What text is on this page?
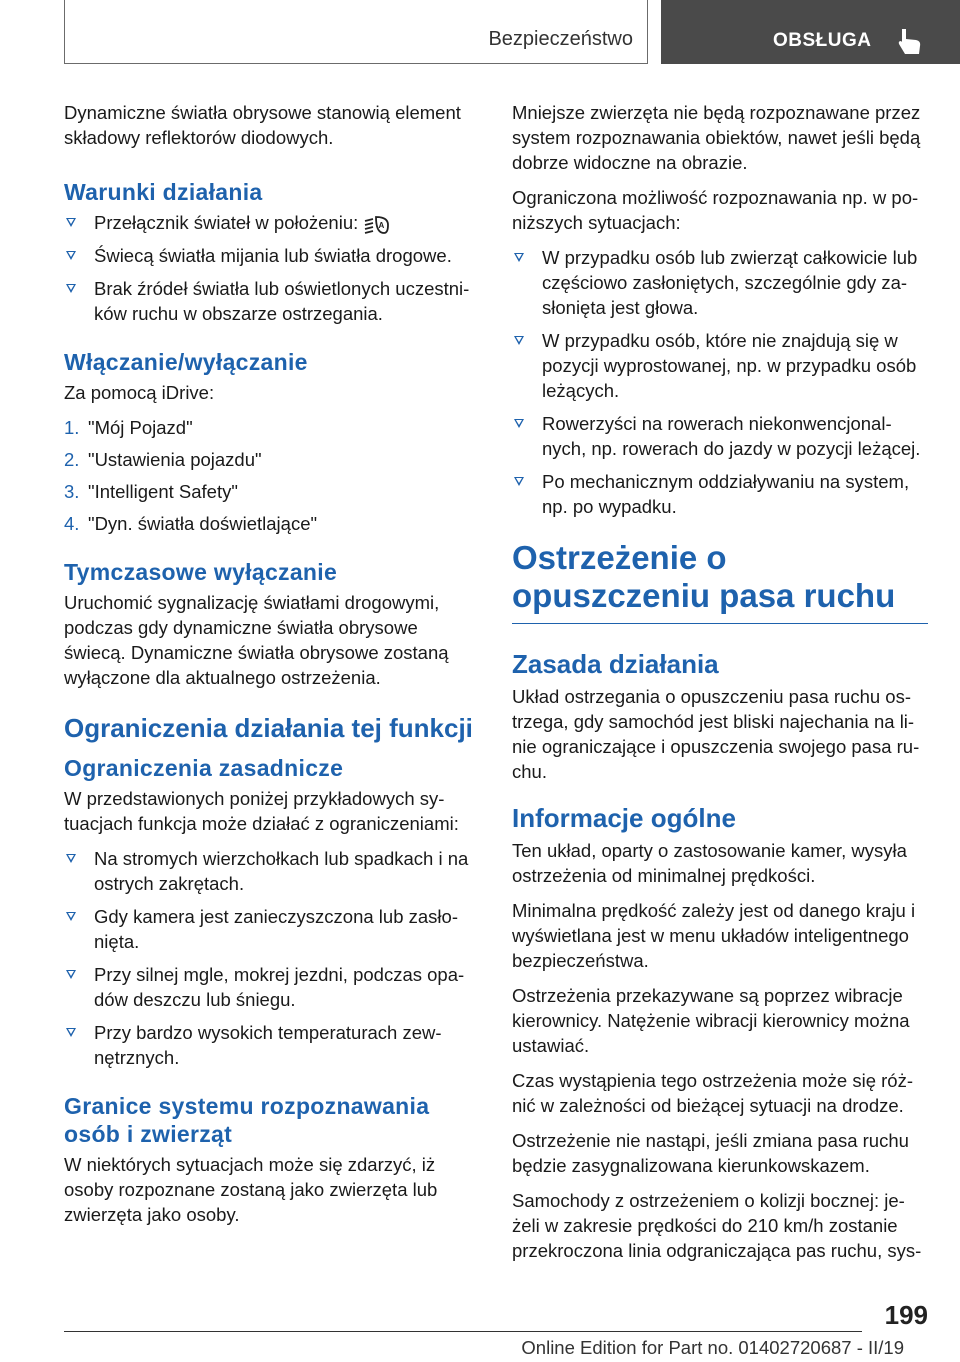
Bezpieczeństwo	OBSŁUGA

Dynamiczne światła obrysowe stanowią element składowy reflektorów diodowych.

Warunki działania
Przełącznik świateł w położeniu:	A
Świecą światła mijania lub światła drogowe.
Brak źródeł światła lub oświetlonych uczestni-ków ruchu w obszarze ostrzegania.
Włączanie/wyłączanie

Za pomocą iDrive:

1. "Mój Pojazd"
2. "Ustawienia pojazdu"
3. "Intelligent Safety"
4. "Dyn. światła doświetlające"
Tymczasowe wyłączanie

Uruchomić sygnalizację światłami drogowymi, podczas gdy dynamiczne światła obrysowe świecą. Dynamiczne światła obrysowe zostaną wyłączone dla aktualnego ostrzeżenia.

Ograniczenia działania tej funkcji
Ograniczenia zasadnicze

W przedstawionych poniżej przykładowych sy-tuacjach funkcja może działać z ograniczeniami:

Na stromych wierzchołkach lub spadkach i na ostrych zakrętach.
Gdy kamera jest zanieczyszczona lub zasło-nięta.
Przy silnej mgle, mokrej jezdni, podczas opa-dów deszczu lub śniegu.
Przy bardzo wysokich temperaturach zew-nętrznych.
Granice systemu rozpoznawania osób i zwierząt

W niektórych sytuacjach może się zdarzyć, iż osoby rozpoznane zostaną jako zwierzęta lub zwierzęta jako osoby.

Mniejsze zwierzęta nie będą rozpoznawane przez system rozpoznawania obiektów, nawet jeśli będą dobrze widoczne na obrazie.

Ograniczona możliwość rozpoznawania np. w po-niższych sytuacjach:

W przypadku osób lub zwierząt całkowicie lub częściowo zasłoniętych, szczególnie gdy za-słonięta jest głowa.
W przypadku osób, które nie znajdują się w pozycji wyprostowanej, np. w przypadku osób leżących.
Rowerzyści na rowerach niekonwencjonal-nych, np. rowerach do jazdy w pozycji leżącej.
Po mechanicznym oddziaływaniu na system, np. po wypadku.
Ostrzeżenie o opuszczeniu pasa ruchu
Zasada działania

Układ ostrzegania o opuszczeniu pasa ruchu os-trzega, gdy samochód jest bliski najechania na li-nie ograniczające i opuszczenia swojego pasa ru-chu.

Informacje ogólne

Ten układ, oparty o zastosowanie kamer, wysyła ostrzeżenia od minimalnej prędkości.

Minimalna prędkość zależy jest od danego kraju i wyświetlana jest w menu układów inteligentnego bezpieczeństwa.

Ostrzeżenia przekazywane są poprzez wibracje kierownicy. Natężenie wibracji kierownicy można ustawiać.

Czas wystąpienia tego ostrzeżenia może się róż-nić w zależności od bieżącej sytuacji na drodze.

Ostrzeżenie nie nastąpi, jeśli zmiana pasa ruchu będzie zasygnalizowana kierunkowskazem.

Samochody z ostrzeżeniem o kolizji bocznej: je-żeli w zakresie prędkości do 210 km/h zostanie przekroczona linia odgraniczająca pas ruchu, sys-

199
Online Edition for Part no. 01402720687 - II/19
